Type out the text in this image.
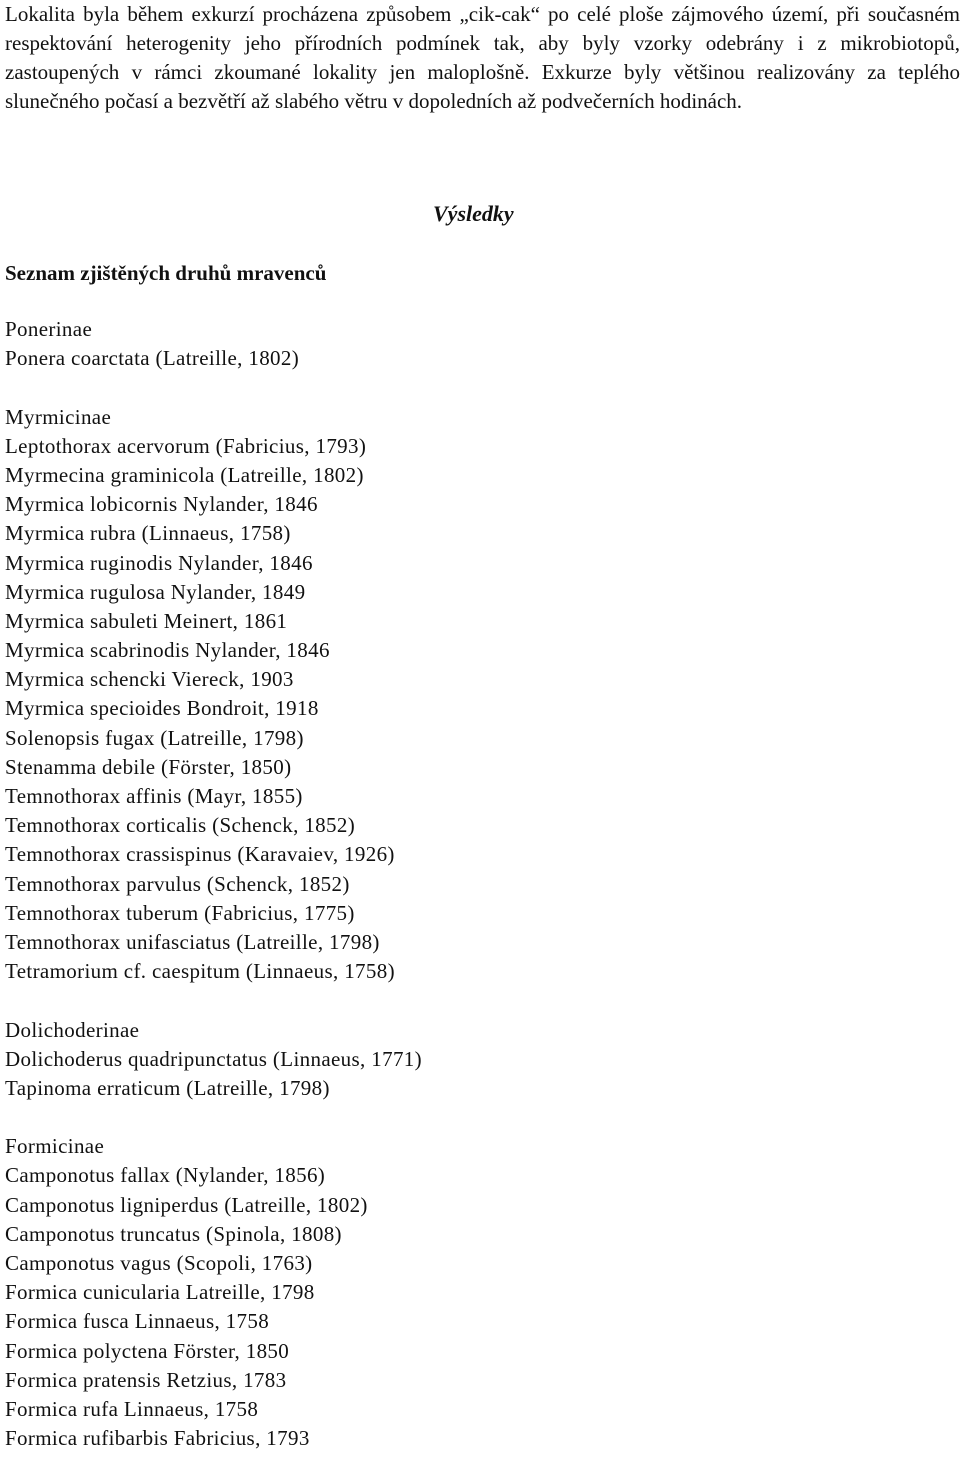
Lokalita byla během exkurzí procházena způsobem „cik-cak“ po celé ploše zájmového území, při současném respektování heterogenity jeho přírodních podmínek tak, aby byly vzorky odebrány i z mikrobiotopů, zastoupených v rámci zkoumané lokality jen maloplošně. Exkurze byly většinou realizovány za teplého slunečného počasí a bezvětří až slabého větru v dopoledních až podvečerních hodinách.

Výsledky
Seznam zjištěných druhů mravenců
Ponerinae
Ponera coarctata (Latreille, 1802)
Myrmicinae
Leptothorax acervorum (Fabricius, 1793)
Myrmecina graminicola (Latreille, 1802)
Myrmica lobicornis Nylander, 1846
Myrmica rubra (Linnaeus, 1758)
Myrmica ruginodis Nylander, 1846
Myrmica rugulosa Nylander, 1849
Myrmica sabuleti Meinert, 1861
Myrmica scabrinodis Nylander, 1846
Myrmica schencki Viereck, 1903
Myrmica specioides Bondroit, 1918
Solenopsis fugax (Latreille, 1798)
Stenamma debile (Förster, 1850)
Temnothorax affinis (Mayr, 1855)
Temnothorax corticalis (Schenck, 1852)
Temnothorax crassispinus (Karavaiev, 1926)
Temnothorax parvulus (Schenck, 1852)
Temnothorax tuberum (Fabricius, 1775)
Temnothorax unifasciatus (Latreille, 1798)
Tetramorium cf. caespitum (Linnaeus, 1758)
Dolichoderinae
Dolichoderus quadripunctatus (Linnaeus, 1771)
Tapinoma erraticum (Latreille, 1798)
Formicinae
Camponotus fallax (Nylander, 1856)
Camponotus ligniperdus (Latreille, 1802)
Camponotus truncatus (Spinola, 1808)
Camponotus vagus (Scopoli, 1763)
Formica cunicularia Latreille, 1798
Formica fusca Linnaeus, 1758
Formica polyctena Förster, 1850
Formica pratensis Retzius, 1783
Formica rufa Linnaeus, 1758
Formica rufibarbis Fabricius, 1793
